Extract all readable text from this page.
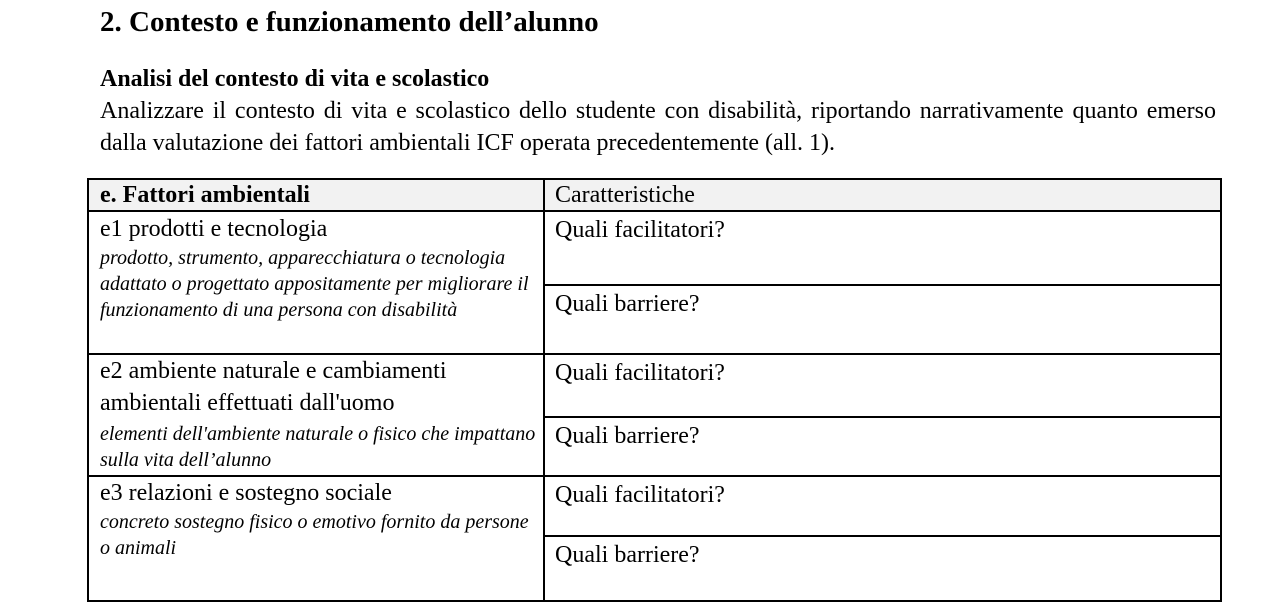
2. Contesto e funzionamento dell’alunno
Analisi del contesto di vita e scolastico

Analizzare il contesto di vita e scolastico dello studente con disabilità, riportando narrativamente quanto emerso dalla valutazione dei fattori ambientali ICF operata precedentemente (all. 1).

e. Fattori ambientali	Caratteristiche

e1 prodotti e tecnologia
prodotto, strumento, apparecchiatura o tecnologia adattato o progettato appositamente per migliorare il funzionamento di una persona con disabilità	Quali facilitatori?
	Quali barriere?

e2 ambiente naturale e cambiamenti ambientali effettuati dall'uomo
elementi dell'ambiente naturale o fisico che impattano sulla vita dell’alunno	Quali facilitatori?
	Quali barriere?

e3 relazioni e sostegno sociale
concreto sostegno fisico o emotivo fornito da persone o animali	Quali facilitatori?
	Quali barriere?
